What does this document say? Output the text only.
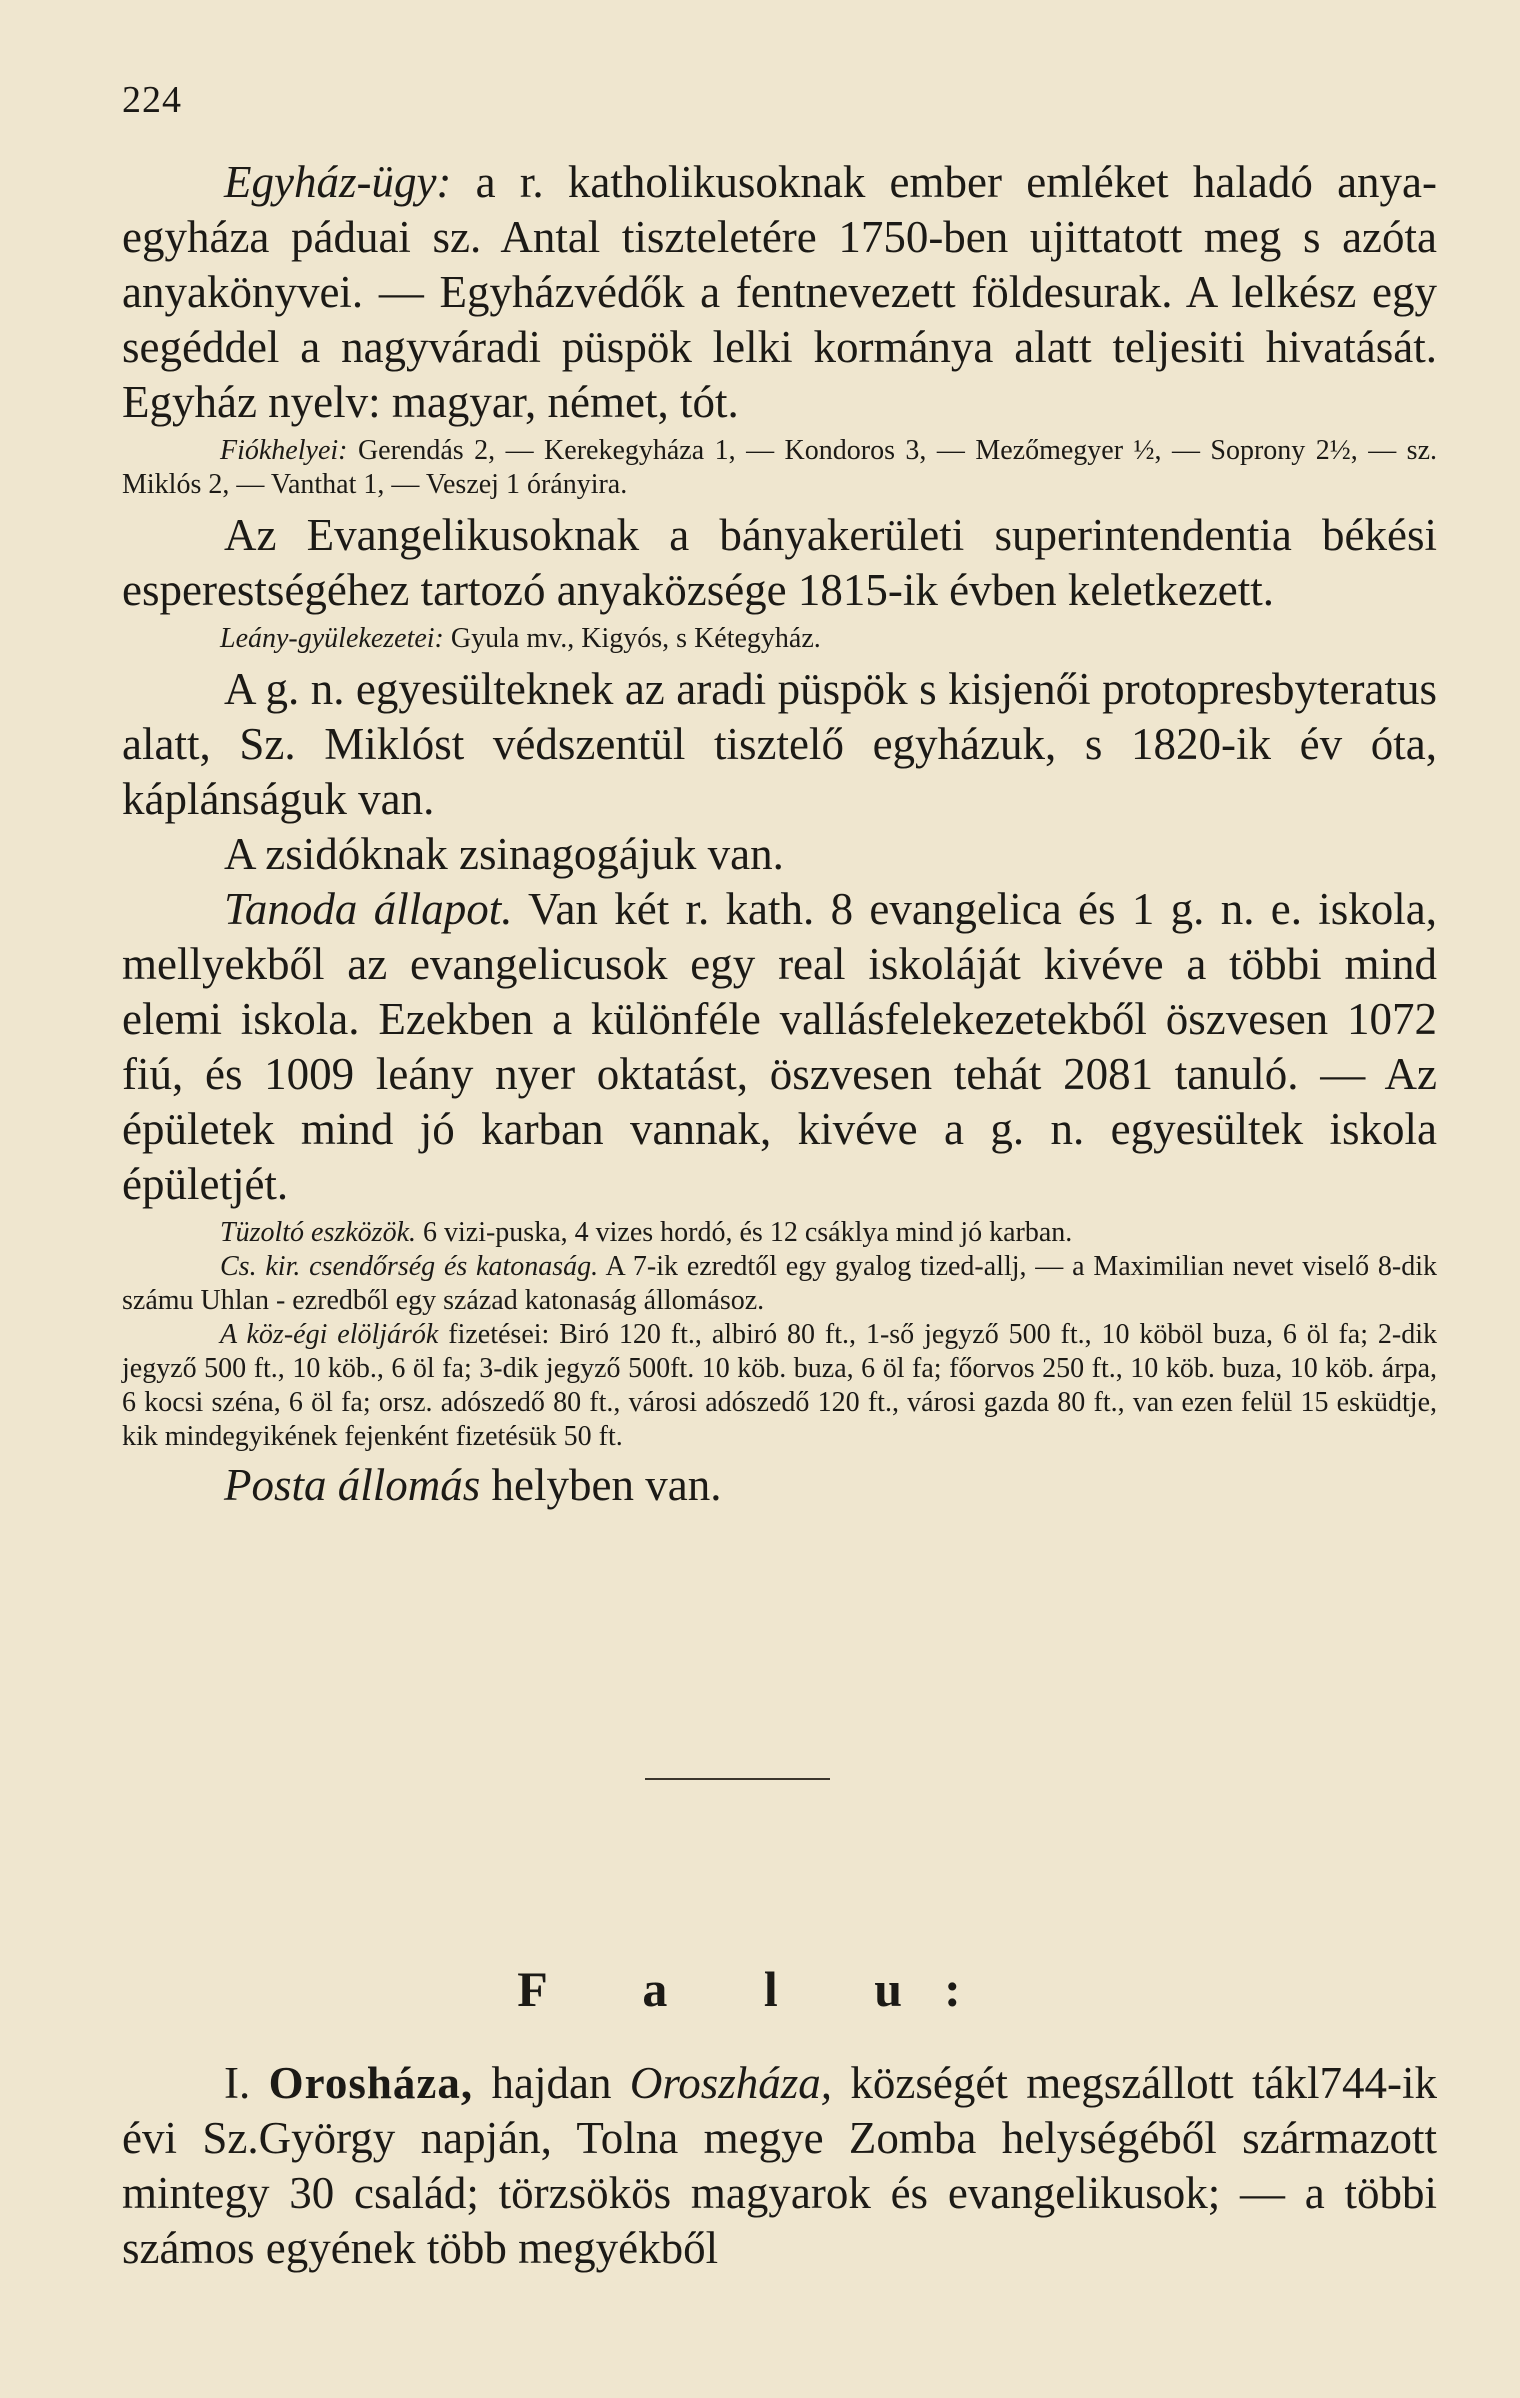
224

Egyház-ügy: a r. katholikusoknak ember emléket haladó anya-egyháza páduai sz. Antal tiszteletére 1750-ben ujittatott meg s azóta anyakönyvei. — Egyházvédők a fentnevezett földesurak. A lelkész egy segéddel a nagyváradi püspök lelki kormánya alatt teljesiti hivatását. Egyház nyelv: magyar, német, tót.

Fiókhelyei: Gerendás 2, — Kerekegyháza 1, — Kondoros 3, — Mezőmegyer ½, — Soprony 2½, — sz. Miklós 2, — Vanthat 1, — Veszej 1 órányira.

Az Evangelikusoknak a bányakerületi superintendentia békési esperestségéhez tartozó anyaközsége 1815-ik évben keletkezett.

Leány-gyülekezetei: Gyula mv., Kigyós, s Kétegyház.

A g. n. egyesülteknek az aradi püspök s kisjenői protopresbyteratus alatt, Sz. Miklóst védszentül tisztelő egyházuk, s 1820-ik év óta, káplánságuk van.

A zsidóknak zsinagogájuk van.

Tanoda állapot. Van két r. kath. 8 evangelica és 1 g. n. e. iskola, mellyekből az evangelicusok egy real iskoláját kivéve a többi mind elemi iskola. Ezekben a különféle vallásfelekezetekből öszvesen 1072 fiú, és 1009 leány nyer oktatást, öszvesen tehát 2081 tanuló. — Az épületek mind jó karban vannak, kivéve a g. n. egyesültek iskola épületjét.

Tüzoltó eszközök. 6 vizi-puska, 4 vizes hordó, és 12 csáklya mind jó karban.

Cs. kir. csendőrség és katonaság. A 7-ik ezredtől egy gyalog tized-allj, — a Maximilian nevet viselő 8-dik számu Uhlan - ezredből egy század katonaság állomásoz.

A köz-égi elöljárók fizetései: Biró 120 ft., albiró 80 ft., 1-ső jegyző 500 ft., 10 köböl buza, 6 öl fa; 2-dik jegyző 500 ft., 10 köb., 6 öl fa; 3-dik jegyző 500ft. 10 köb. buza, 6 öl fa; főorvos 250 ft., 10 köb. buza, 10 köb. árpa, 6 kocsi széna, 6 öl fa; orsz. adószedő 80 ft., városi adószedő 120 ft., városi gazda 80 ft., van ezen felül 15 esküdtje, kik mindegyikének fejenként fizetésük 50 ft.

Posta állomás helyben van.

F a l u:

I. Orosháza, hajdan Oroszháza, községét megszállott tákl744-ik évi Sz.György napján, Tolna megye Zomba helységéből származott mintegy 30 család; törzsökös magyarok és evangelikusok; — a többi számos egyének több megyékből
